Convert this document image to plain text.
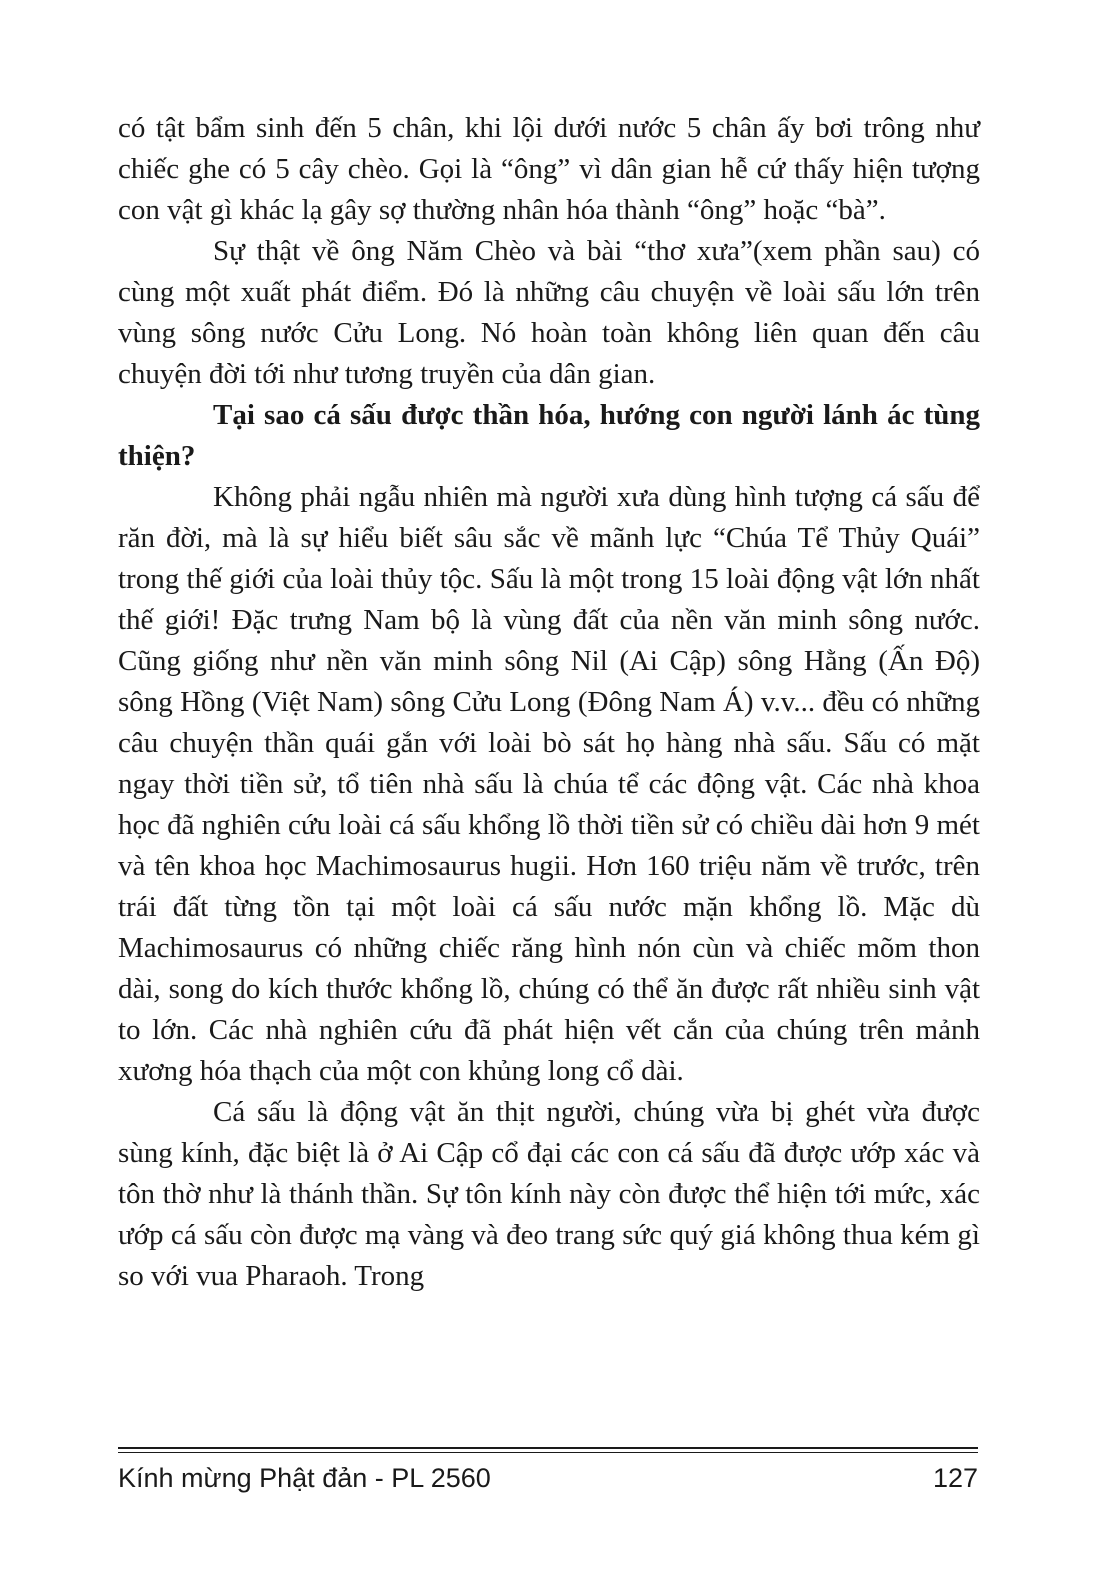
có tật bẩm sinh đến 5 chân, khi lội dưới nước 5 chân ấy bơi trông như chiếc ghe có 5 cây chèo. Gọi là “ông” vì dân gian hễ cứ thấy hiện tượng con vật gì khác lạ gây sợ thường nhân hóa thành “ông” hoặc “bà”.

Sự thật về ông Năm Chèo và bài “thơ xưa”(xem phần sau) có cùng một xuất phát điểm. Đó là những câu chuyện về loài sấu lớn trên vùng sông nước Cửu Long. Nó hoàn toàn không liên quan đến câu chuyện đời tới như tương truyền của dân gian.

Tại sao cá sấu được thần hóa, hướng con người lánh ác tùng thiện?

Không phải ngẫu nhiên mà người xưa dùng hình tượng cá sấu để răn đời, mà là sự hiểu biết sâu sắc về mãnh lực “Chúa Tể Thủy Quái” trong thế giới của loài thủy tộc. Sấu là một trong 15 loài động vật lớn nhất thế giới! Đặc trưng Nam bộ là vùng đất của nền văn minh sông nước. Cũng giống như nền văn minh sông Nil (Ai Cập) sông Hằng (Ấn Độ) sông Hồng (Việt Nam) sông Cửu Long (Đông Nam Á) v.v... đều có những câu chuyện thần quái gắn với loài bò sát họ hàng nhà sấu. Sấu có mặt ngay thời tiền sử, tổ tiên nhà sấu là chúa tể các động vật. Các nhà khoa học đã nghiên cứu loài cá sấu khổng lồ thời tiền sử có chiều dài hơn 9 mét và tên khoa học Machimosaurus hugii. Hơn 160 triệu năm về trước, trên trái đất từng tồn tại một loài cá sấu nước mặn khổng lồ. Mặc dù Machimosaurus có những chiếc răng hình nón cùn và chiếc mõm thon dài, song do kích thước khổng lồ, chúng có thể ăn được rất nhiều sinh vật to lớn. Các nhà nghiên cứu đã phát hiện vết cắn của chúng trên mảnh xương hóa thạch của một con khủng long cổ dài.

Cá sấu là động vật ăn thịt người, chúng vừa bị ghét vừa được sùng kính, đặc biệt là ở Ai Cập cổ đại các con cá sấu đã được ướp xác và tôn thờ như là thánh thần. Sự tôn kính này còn được thể hiện tới mức, xác ướp cá sấu còn được mạ vàng và đeo trang sức quý giá không thua kém gì so với vua Pharaoh. Trong

Kính mừng Phật đản - PL 2560	127
